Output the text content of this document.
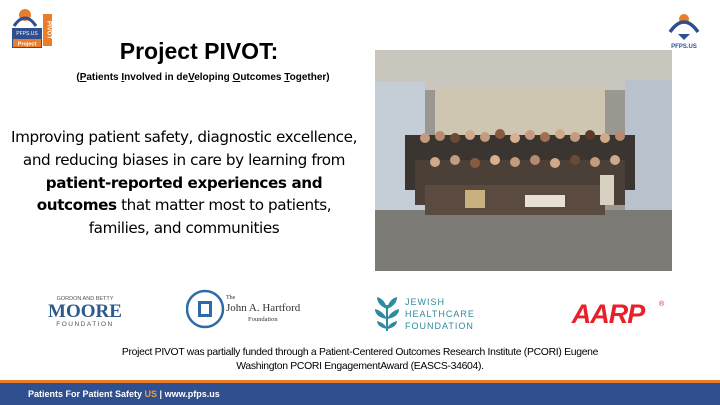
PFPS.US
Project
PIVOT
PFPS.US
Project PIVOT:
(Patients Involved in deVeloping Outcomes Together)

Improving patient safety, diagnostic excellence, and reducing biases in care by learning from patient-reported experiences and outcomes that matter most to patients, families, and communities

GORDON AND BETTY
MOORE
FOUNDATION
The
John A. Hartford
Foundation
JEWISH
HEALTHCARE
FOUNDATION	AARP ®
Project PIVOT was partially funded through a Patient-Centered Outcomes Research Institute (PCORI) Eugene
Washington PCORI EngagementAward (EASCS-34604).
Patients For Patient Safety US | www.pfps.us
